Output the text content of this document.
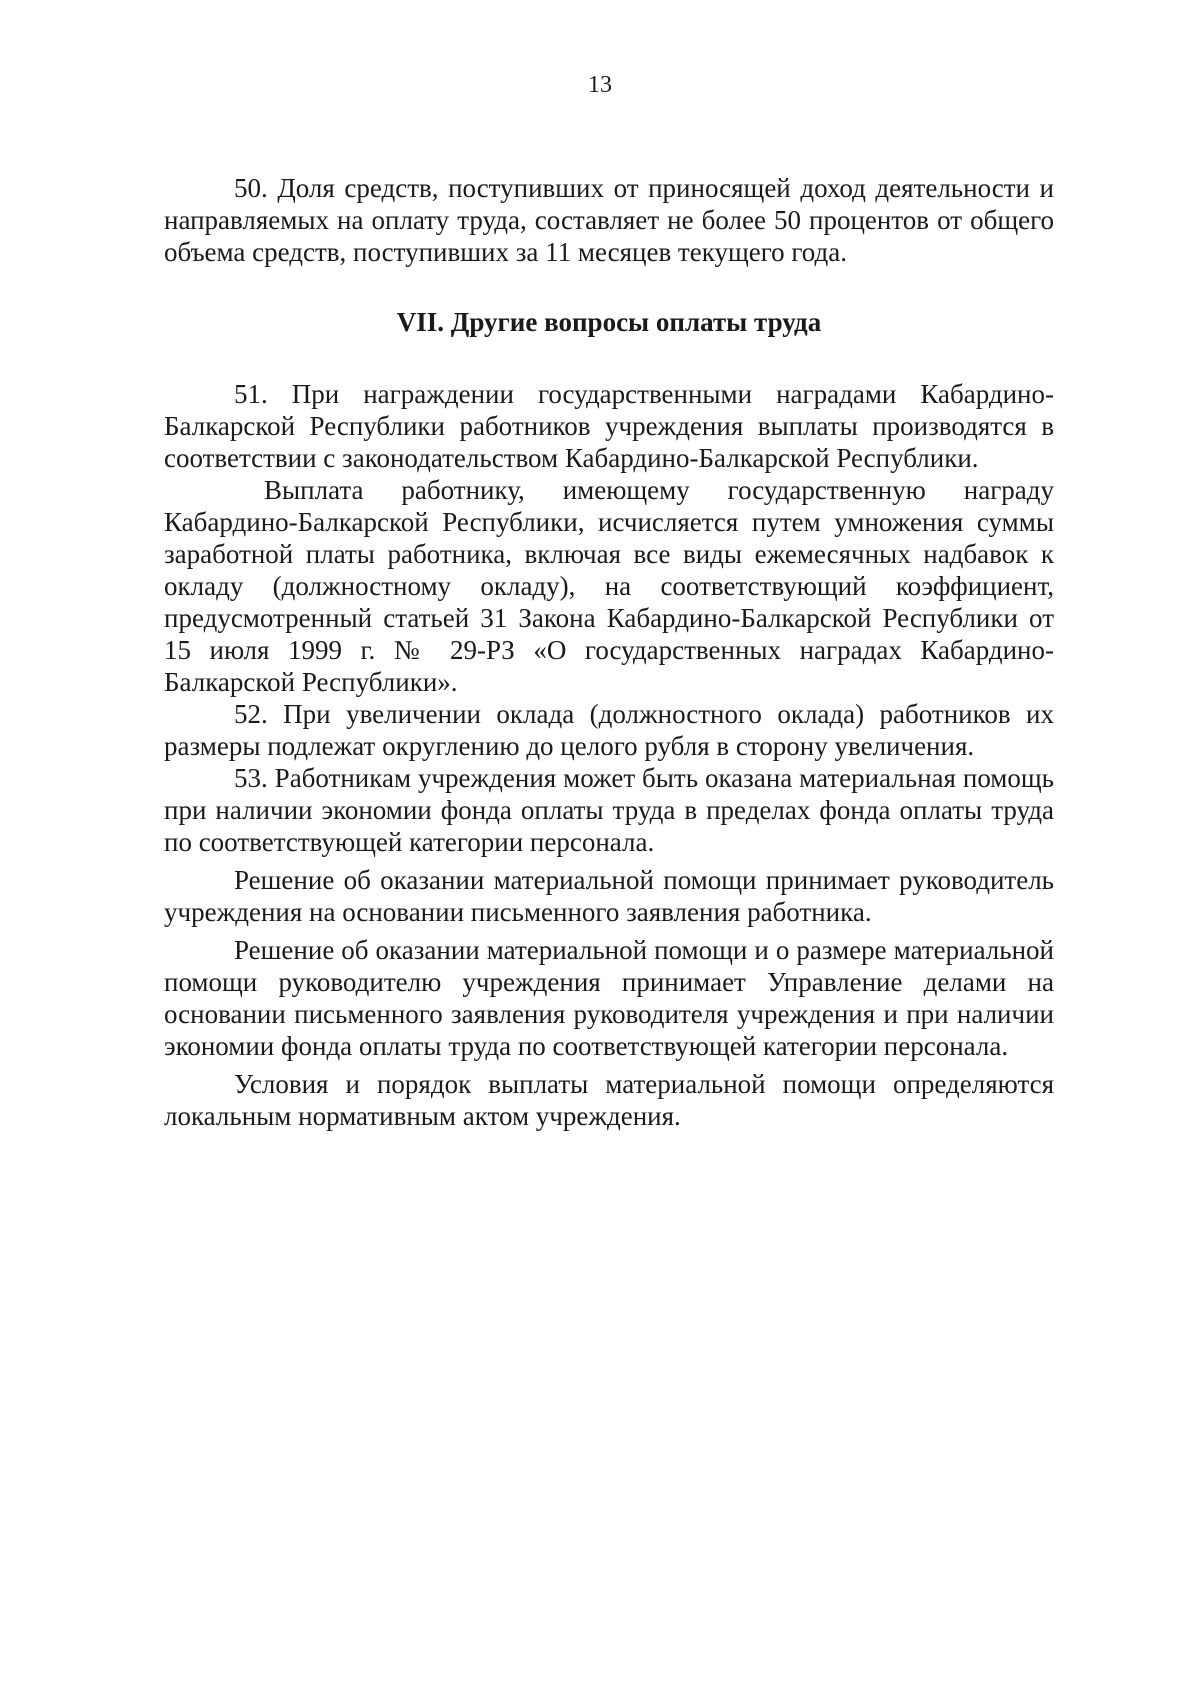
13

50. Доля средств, поступивших от приносящей доход деятельности и направляемых на оплату труда, составляет не более 50 процентов от общего объема средств, поступивших за 11 месяцев текущего года.

VII. Другие вопросы оплаты труда

51. При награждении государственными наградами Кабардино-Балкарской Республики работников учреждения выплаты производятся в соответствии с законодательством Кабардино-Балкарской Республики.

Выплата работнику, имеющему государственную награду Кабардино-Балкарской Республики, исчисляется путем умножения суммы заработной платы работника, включая все виды ежемесячных надбавок к окладу (должностному окладу), на соответствующий коэффициент, предусмотренный статьей 31 Закона Кабардино-Балкарской Республики от 15 июля 1999 г. № 29-РЗ «О государственных наградах Кабардино-Балкарской Республики».

52. При увеличении оклада (должностного оклада) работников их размеры подлежат округлению до целого рубля в сторону увеличения.

53. Работникам учреждения может быть оказана материальная помощь при наличии экономии фонда оплаты труда в пределах фонда оплаты труда по соответствующей категории персонала.

Решение об оказании материальной помощи принимает руководитель учреждения на основании письменного заявления работника.

Решение об оказании материальной помощи и о размере материальной помощи руководителю учреждения принимает Управление делами на основании письменного заявления руководителя учреждения и при наличии экономии фонда оплаты труда по соответствующей категории персонала.

Условия и порядок выплаты материальной помощи определяются локальным нормативным актом учреждения.
